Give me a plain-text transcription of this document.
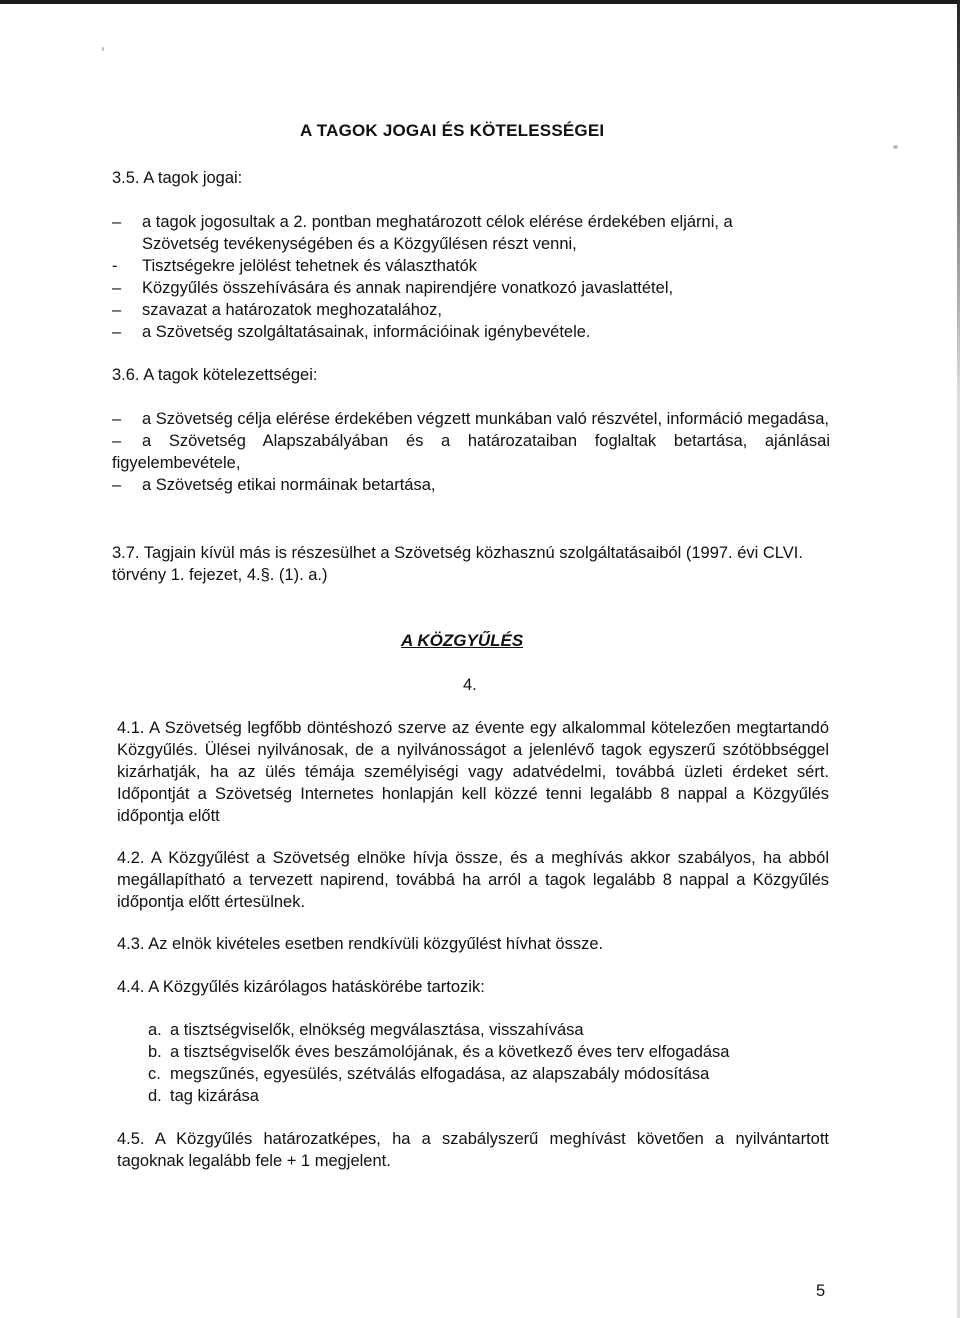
A TAGOK JOGAI ÉS KÖTELESSÉGEI
3.5. A tagok jogai:
– a tagok jogosultak a 2. pontban meghatározott célok elérése érdekében eljárni, a
Szövetség tevékenységében és a Közgyűlésen részt venni,
- Tisztségekre jelölést tehetnek és választhatók
– Közgyűlés összehívására és annak napirendjére vonatkozó javaslattétel,
– szavazat a határozatok meghozatalához,
– a Szövetség szolgáltatásainak, információinak igénybevétele.
3.6. A tagok kötelezettségei:
– a Szövetség célja elérése érdekében végzett munkában való részvétel, információ megadása,
– a Szövetség Alapszabályában és a határozataiban foglaltak betartása, ajánlásai figyelembevétele,
– a Szövetség etikai normáinak betartása,
3.7. Tagjain kívül más is részesülhet a Szövetség közhasznú szolgáltatásaiból (1997. évi CLVI. törvény 1. fejezet, 4.§. (1). a.)
A KÖZGYŰLÉS
4.
4.1. A Szövetség legfőbb döntéshozó szerve az évente egy alkalommal kötelezően megtartandó Közgyűlés. Ülései nyilvánosak, de a nyilvánosságot a jelenlévő tagok egyszerű szótöbbséggel kizárhatják, ha az ülés témája személyiségi vagy adatvédelmi, továbbá üzleti érdeket sért. Időpontját a Szövetség Internetes honlapján kell közzé tenni legalább 8 nappal a Közgyűlés időpontja előtt
4.2. A Közgyűlést a Szövetség elnöke hívja össze, és a meghívás akkor szabályos, ha abból megállapítható a tervezett napirend, továbbá ha arról a tagok legalább 8 nappal a Közgyűlés időpontja előtt értesülnek.
4.3. Az elnök kivételes esetben rendkívüli közgyűlést hívhat össze.
4.4. A Közgyűlés kizárólagos hatáskörébe tartozik:
a. a tisztségviselők, elnökség megválasztása, visszahívása
b. a tisztségviselők éves beszámolójának, és a következő éves terv elfogadása
c. megszűnés, egyesülés, szétválás elfogadása, az alapszabály módosítása
d. tag kizárása
4.5. A Közgyűlés határozatképes, ha a szabályszerű meghívást követően a nyilvántartott tagoknak legalább fele + 1 megjelent.
5
